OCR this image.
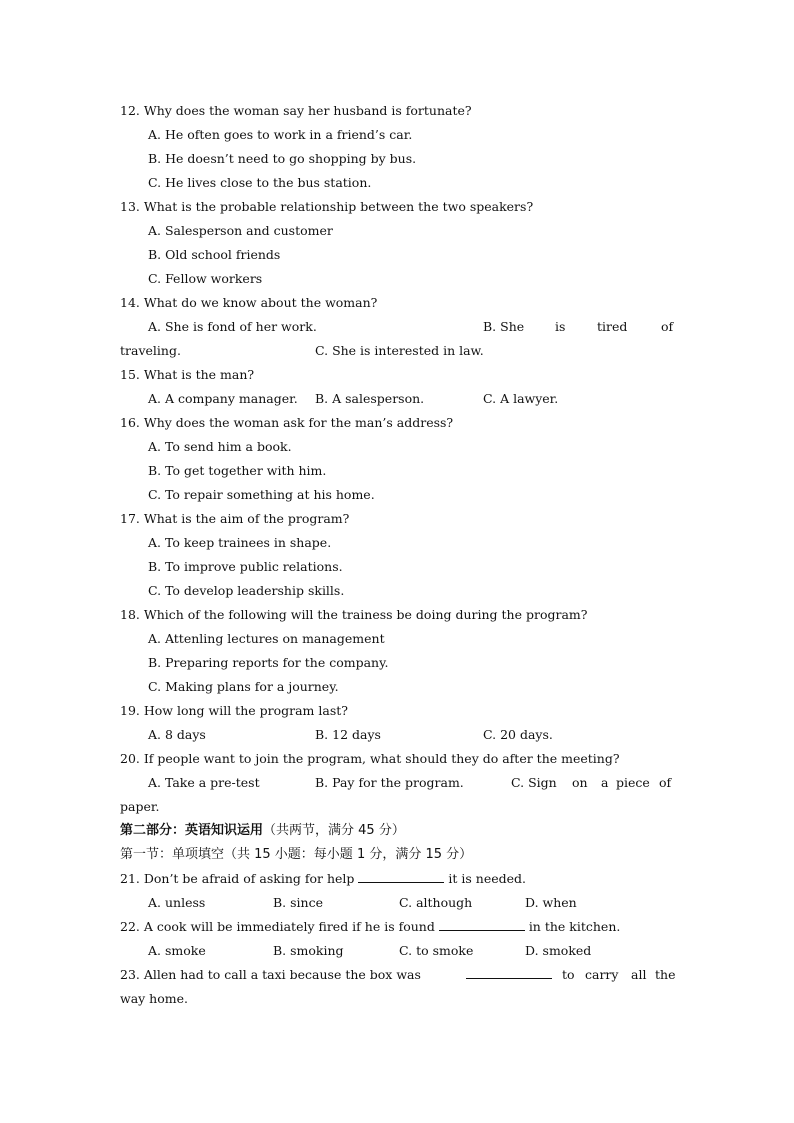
12. Why does the woman say her husband is fortunate?
A. He often goes to work in a friend’s car.
B. He doesn’t need to go shopping by bus.
C. He lives close to the bus station.
13. What is the probable relationship between the two speakers?
A. Salesperson and customer
B. Old school friends
C. Fellow workers
14. What do we know about the woman?
A. She is fond of her work.	B. She is	tired	of
traveling.	C. She is interested in law.
15. What is the man?
A. A company manager. B. A salesperson.	C. A lawyer.
16. Why does the woman ask for the man’s address?
A. To send him a book.
B. To get together with him.
C. To repair something at his home.
17. What is the aim of the program?
A. To keep trainees in shape.
B. To improve public relations.
C. To develop leadership skills.
18. Which of the following will the trainess be doing during the program?
A. Attenling lectures on management
B. Preparing reports for the company.
C. Making plans for a journey.
19. How long will the program last?
A. 8 days	B. 12 days	C. 20 days.
20. If people want to join the program, what should they do after the meeting?
A. Take a pre-test	B. Pay for the program.	C. Sign on a piece of
paper.
第二部分：英语知识运用（共两节，满分 45 分）
第一节：单项填空（共 15 小题：每小题 1 分，满分 15 分）
21. Don’t be afraid of asking for help	it is needed.
A. unless	B. since	C. although	D. when
22. A cook will be immediately fired if he is found	in the kitchen.
A. smoke	B. smoking	C. to smoke	D. smoked
23. Allen had to call a taxi because the box was	to carry all the
way home.
